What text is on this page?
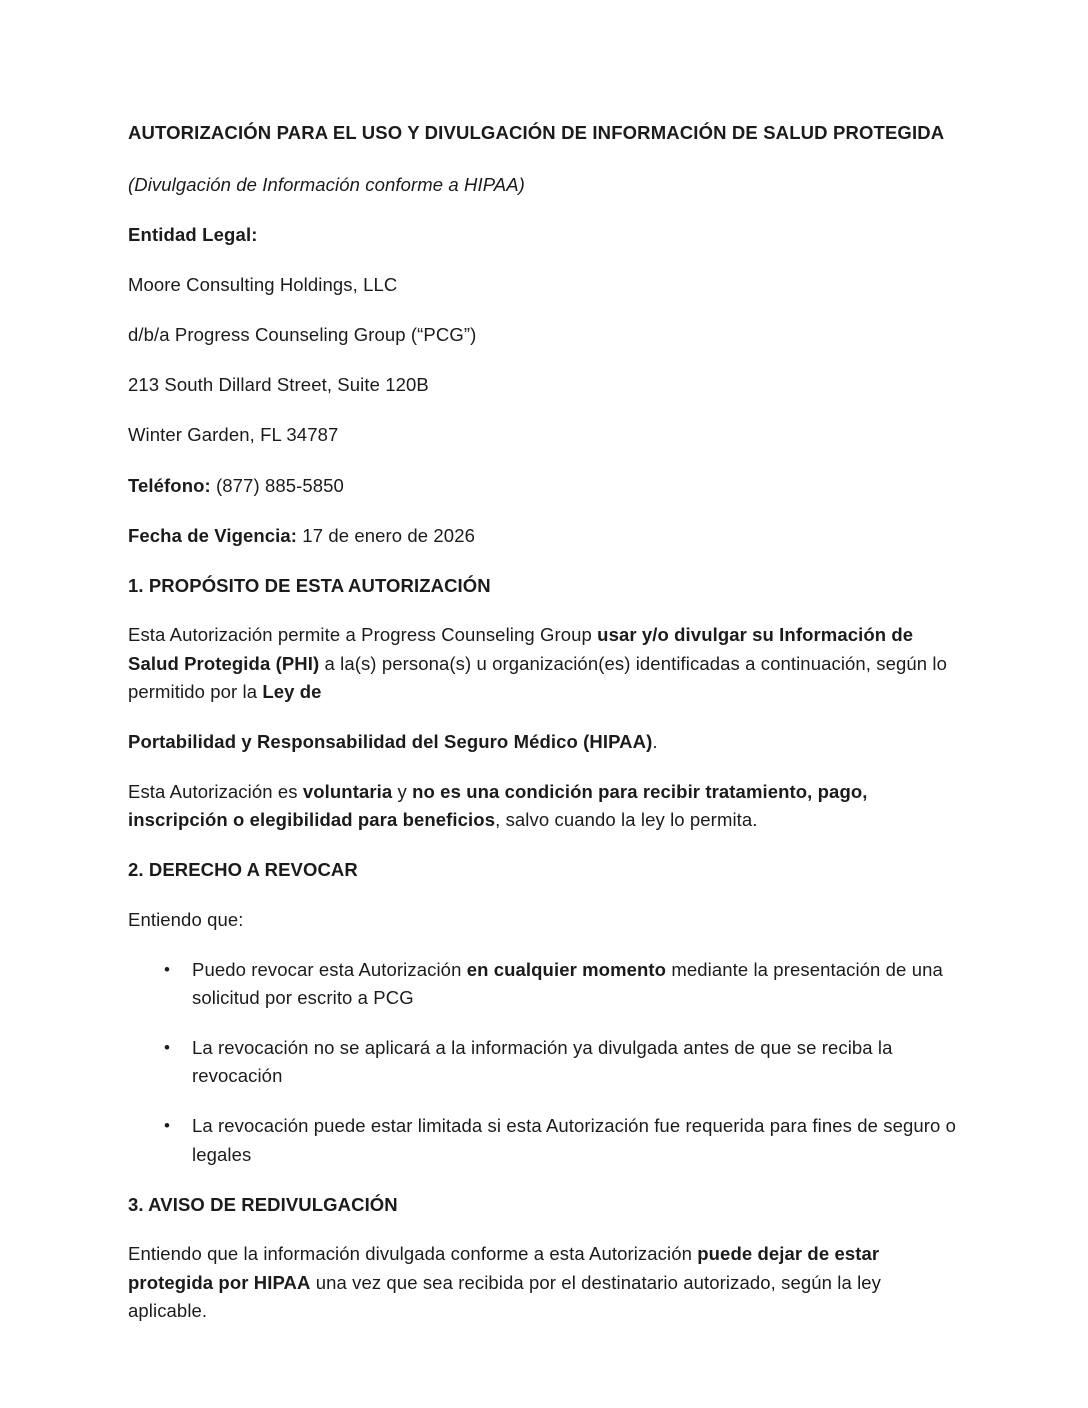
AUTORIZACIÓN PARA EL USO Y DIVULGACIÓN DE INFORMACIÓN DE SALUD PROTEGIDA

(Divulgación de Información conforme a HIPAA)

Entidad Legal:

Moore Consulting Holdings, LLC

d/b/a Progress Counseling Group (“PCG”)

213 South Dillard Street, Suite 120B

Winter Garden, FL 34787

Teléfono: (877) 885-5850

Fecha de Vigencia: 17 de enero de 2026

1. PROPÓSITO DE ESTA AUTORIZACIÓN

Esta Autorización permite a Progress Counseling Group usar y/o divulgar su Información de Salud Protegida (PHI) a la(s) persona(s) u organización(es) identificadas a continuación, según lo permitido por la Ley de

Portabilidad y Responsabilidad del Seguro Médico (HIPAA).

Esta Autorización es voluntaria y no es una condición para recibir tratamiento, pago, inscripción o elegibilidad para beneficios, salvo cuando la ley lo permita.

2. DERECHO A REVOCAR

Entiendo que:

• Puedo revocar esta Autorización en cualquier momento mediante la presentación de una solicitud por escrito a PCG
• La revocación no se aplicará a la información ya divulgada antes de que se reciba la revocación
• La revocación puede estar limitada si esta Autorización fue requerida para fines de seguro o legales

3. AVISO DE REDIVULGACIÓN

Entiendo que la información divulgada conforme a esta Autorización puede dejar de estar protegida por HIPAA una vez que sea recibida por el destinatario autorizado, según la ley aplicable.
